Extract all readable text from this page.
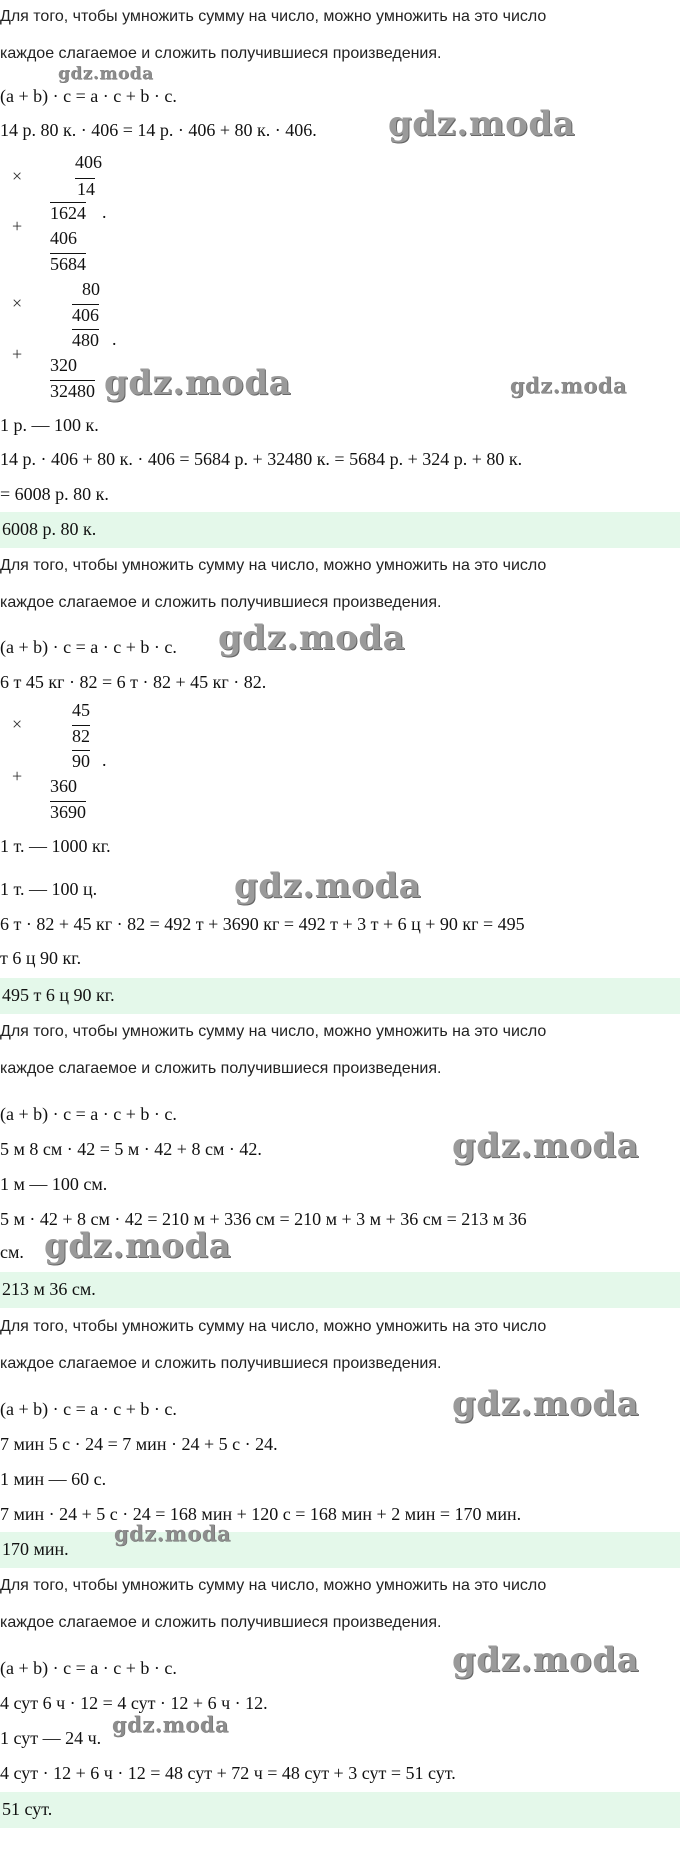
Для того, чтобы умножить сумму на число, можно умножить на это число
каждое слагаемое и сложить получившиеся произведения.
gdz.moda
(a + b) · c = a · c + b · c.
14 р. 80 к. · 406 = 14 р. · 406 + 80 к. · 406. gdz.moda
×
406
14
1624 .
+
406
5684
×
80
406
480 .
+
320
32480 gdz.moda	gdz.moda
1 р. — 100 к.
14 р. · 406 + 80 к. · 406 = 5684 р. + 32480 к. = 5684 р. + 324 р. + 80 к.
= 6008 р. 80 к.
6008 р. 80 к.
Для того, чтобы умножить сумму на число, можно умножить на это число
каждое слагаемое и сложить получившиеся произведения.
(a + b) · c = a · c + b · c. gdz.moda
6 т 45 кг · 82 = 6 т · 82 + 45 кг · 82.
×
45
82
90 .
+ 360
3690
1 т. — 1000 кг.
1 т. — 100 ц.	gdz.moda
6 т · 82 + 45 кг · 82 = 492 т + 3690 кг = 492 т + 3 т + 6 ц + 90 кг = 495
т 6 ц 90 кг.
495 т 6 ц 90 кг.
Для того, чтобы умножить сумму на число, можно умножить на это число
каждое слагаемое и сложить получившиеся произведения.
(a + b) · c = a · c + b · c.
5 м 8 см · 42 = 5 м · 42 + 8 см · 42.	gdz.moda
1 м — 100 см.
5 м · 42 + 8 см · 42 = 210 м + 336 см = 210 м + 3 м + 36 см = 213 м 36
см. gdz.moda
213 м 36 см.
Для того, чтобы умножить сумму на число, можно умножить на это число
каждое слагаемое и сложить получившиеся произведения.
(a + b) · c = a · c + b · c.	gdz.moda
7 мин 5 с · 24 = 7 мин · 24 + 5 с · 24.
1 мин — 60 с.
7 мин · 24 + 5 с · 24 = 168 мин + 120 с = 168 мин + 2 мин = 170 мин.
170 мин.
gdz.moda
Для того, чтобы умножить сумму на число, можно умножить на это число
каждое слагаемое и сложить получившиеся произведения.
(a + b) · c = a · c + b · c.	gdz.moda
4 сут 6 ч · 12 = 4 сут · 12 + 6 ч · 12.
1 сут — 24 ч.
gdz.moda
4 сут · 12 + 6 ч · 12 = 48 сут + 72 ч = 48 сут + 3 сут = 51 сут.
51 сут.
